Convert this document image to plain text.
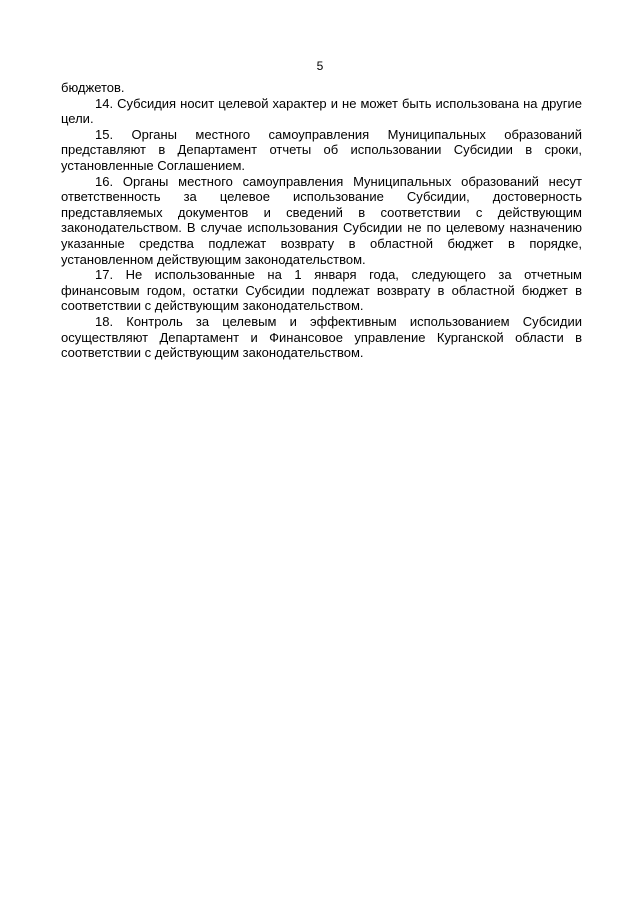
5

бюджетов.

14. Субсидия носит целевой характер и не может быть использована на другие цели.

15. Органы местного самоуправления Муниципальных образований представляют в Департамент отчеты об использовании Субсидии в сроки, установленные Соглашением.

16. Органы местного самоуправления Муниципальных образований несут ответственность за целевое использование Субсидии, достоверность представляемых документов и сведений в соответствии с действующим законодательством. В случае использования Субсидии не по целевому назначению указанные средства подлежат возврату в областной бюджет в порядке, установленном действующим законодательством.

17. Не использованные на 1 января года, следующего за отчетным финансовым годом, остатки Субсидии подлежат возврату в областной бюджет в соответствии с действующим законодательством.

18. Контроль за целевым и эффективным использованием Субсидии осуществляют Департамент и Финансовое управление Курганской области в соответствии с действующим законодательством.
